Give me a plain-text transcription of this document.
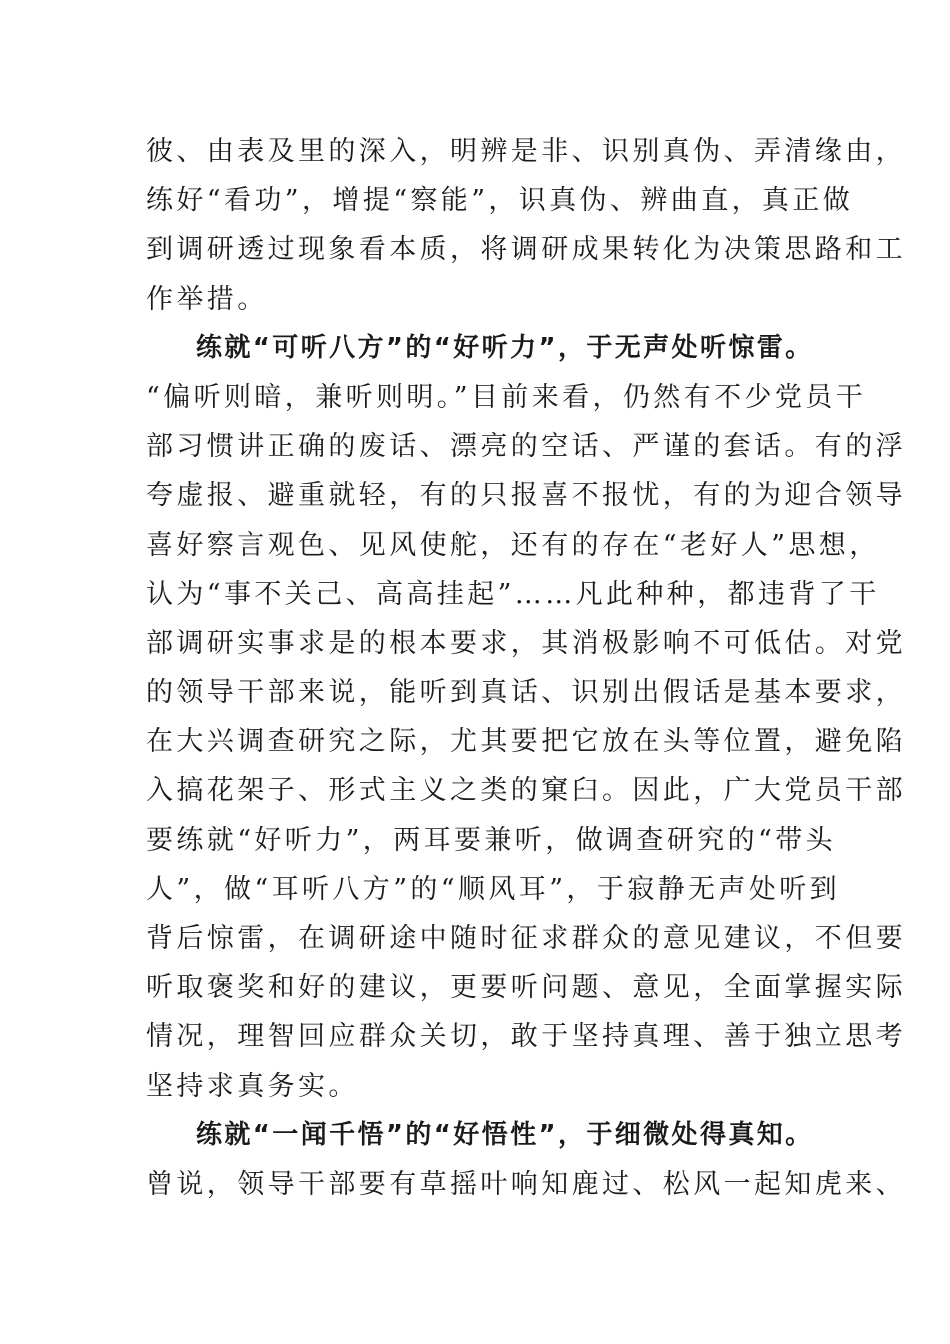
彼、由表及里的深入，明辨是非、识别真伪、弄清缘由，
练好“看功”，增提“察能”，识真伪、辨曲直，真正做
到调研透过现象看本质，将调研成果转化为决策思路和工
作举措。
练就“可听八方”的“好听力”，于无声处听惊雷。
“偏听则暗，兼听则明。”目前来看，仍然有不少党员干
部习惯讲正确的废话、漂亮的空话、严谨的套话。有的浮
夸虚报、避重就轻，有的只报喜不报忧，有的为迎合领导
喜好察言观色、见风使舵，还有的存在“老好人”思想，
认为“事不关己、高高挂起”……凡此种种，都违背了干
部调研实事求是的根本要求，其消极影响不可低估。对党
的领导干部来说，能听到真话、识别出假话是基本要求，
在大兴调查研究之际，尤其要把它放在头等位置，避免陷
入搞花架子、形式主义之类的窠臼。因此，广大党员干部
要练就“好听力”，两耳要兼听，做调查研究的“带头
人”，做“耳听八方”的“顺风耳”，于寂静无声处听到
背后惊雷，在调研途中随时征求群众的意见建议，不但要
听取褒奖和好的建议，更要听问题、意见，全面掌握实际
情况，理智回应群众关切，敢于坚持真理、善于独立思考
坚持求真务实。
练就“一闻千悟”的“好悟性”，于细微处得真知。
曾说，领导干部要有草摇叶响知鹿过、松风一起知虎来、
